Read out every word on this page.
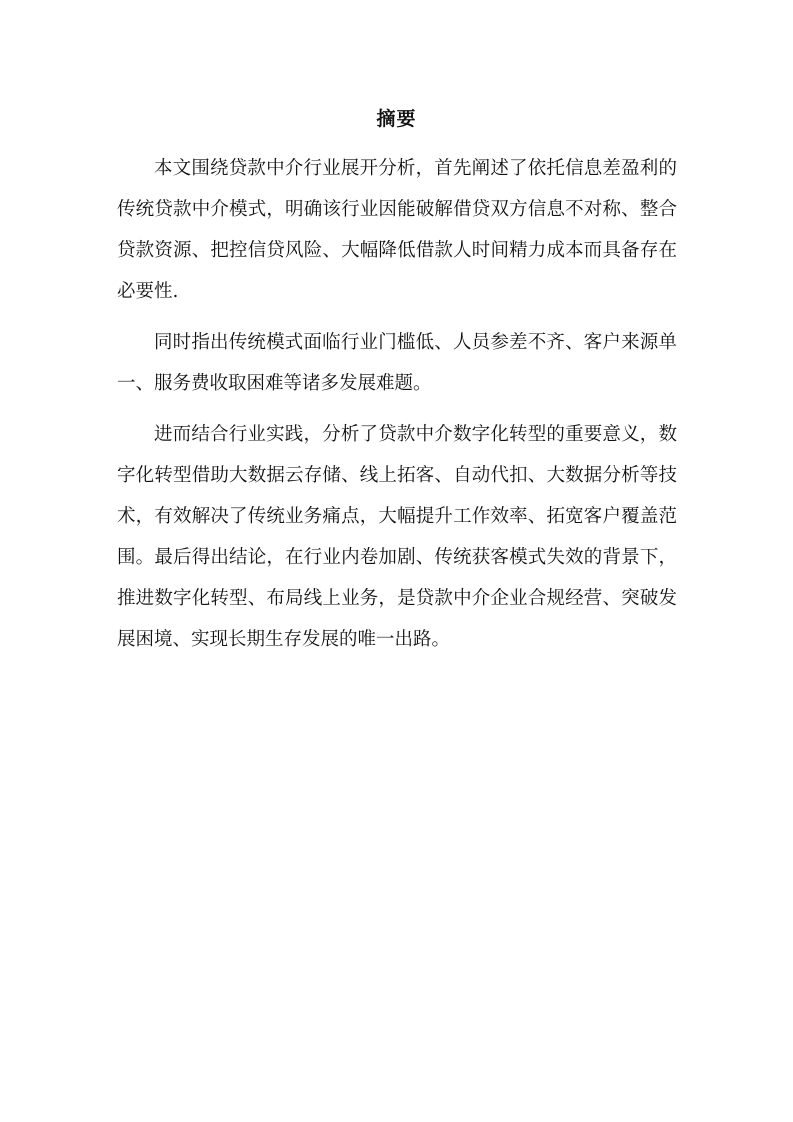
摘要

本文围绕贷款中介行业展开分析，首先阐述了依托信息差盈利的传统贷款中介模式，明确该行业因能破解借贷双方信息不对称、整合贷款资源、把控信贷风险、大幅降低借款人时间精力成本而具备存在必要性.

同时指出传统模式面临行业门槛低、人员参差不齐、客户来源单一、服务费收取困难等诸多发展难题。

进而结合行业实践，分析了贷款中介数字化转型的重要意义，数字化转型借助大数据云存储、线上拓客、自动代扣、大数据分析等技术，有效解决了传统业务痛点，大幅提升工作效率、拓宽客户覆盖范围。最后得出结论，在行业内卷加剧、传统获客模式失效的背景下，推进数字化转型、布局线上业务，是贷款中介企业合规经营、突破发展困境、实现长期生存发展的唯一出路。
